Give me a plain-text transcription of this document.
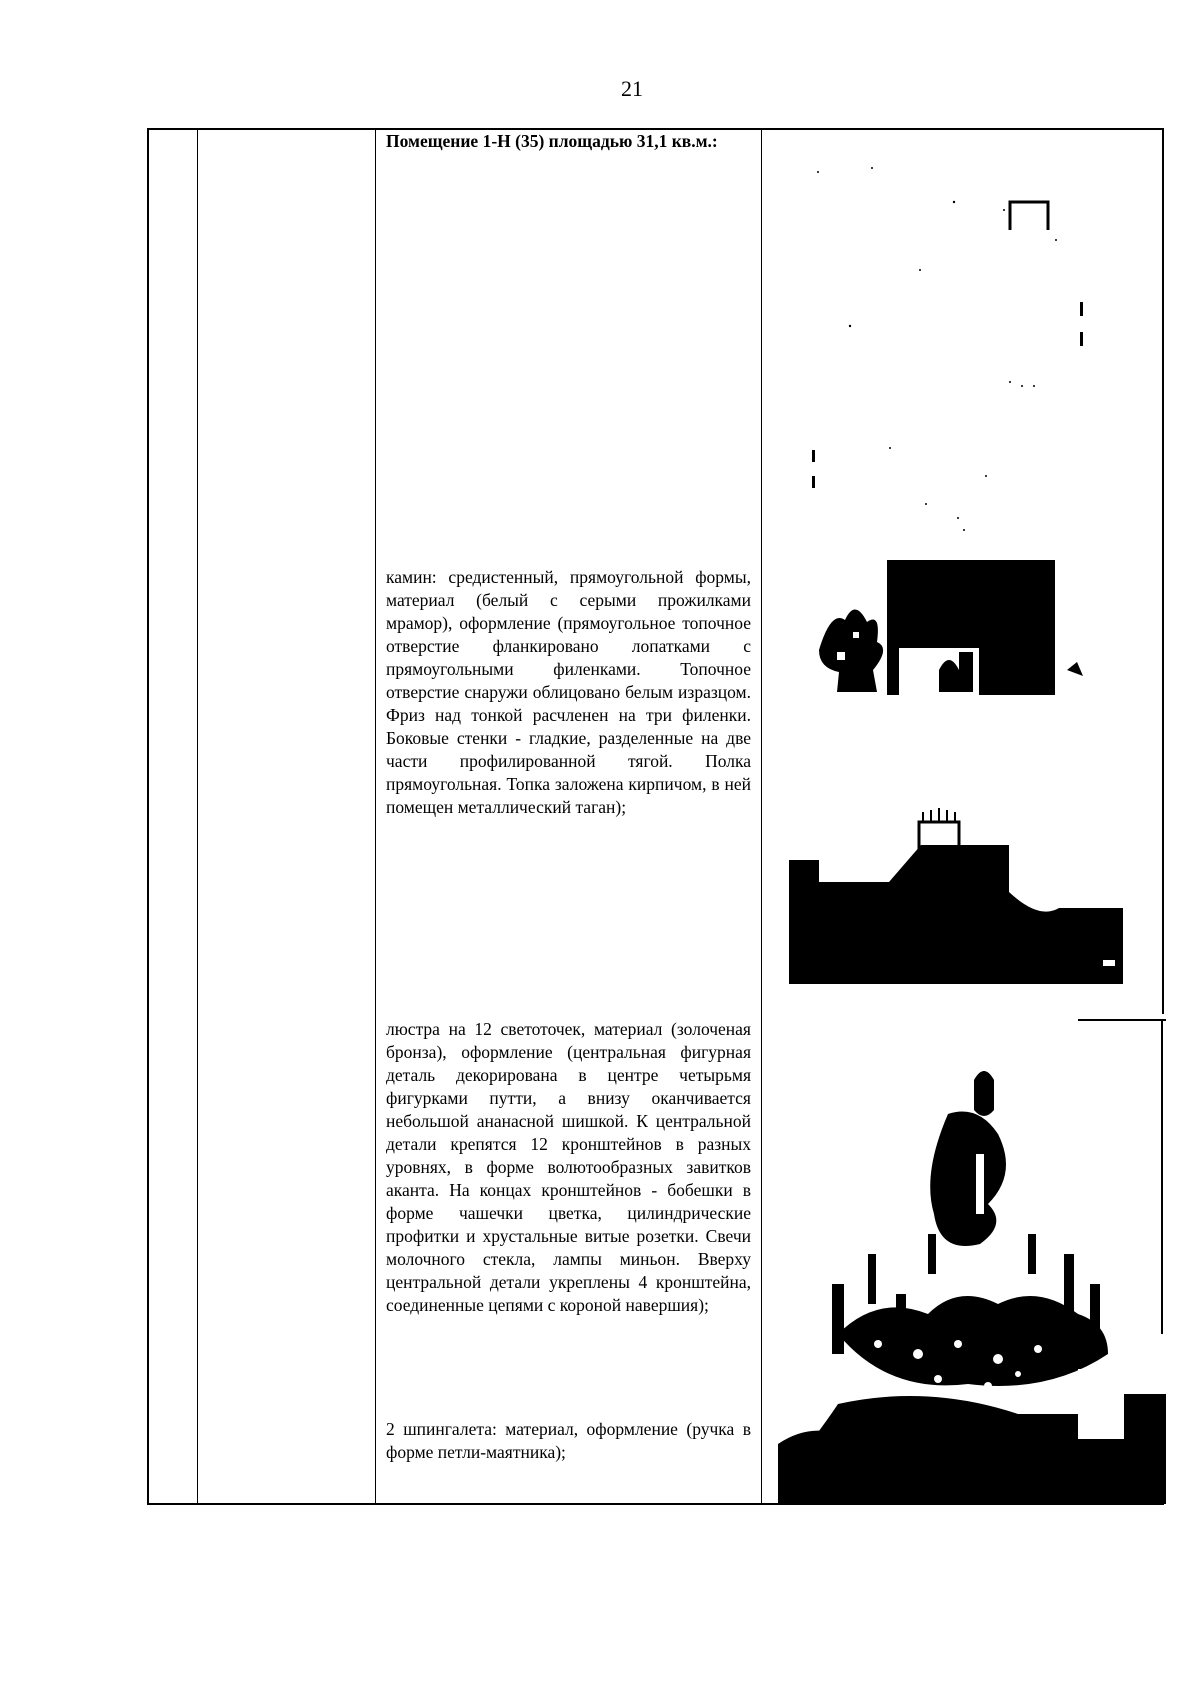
21
Помещение 1-Н (35) площадью 31,1 кв.м.:
камин: средистенный, прямоугольной формы, материал (белый с серыми прожилками мрамор), оформление (прямоугольное топочное отверстие фланкировано лопатками с прямоугольными филенками. Топочное отверстие снаружи облицовано белым изразцом. Фриз над тонкой расчленен на три филенки. Боковые стенки - гладкие, разделенные на две части профилированной тягой. Полка прямоугольная. Топка заложена кирпичом, в ней помещен металлический таган);
люстра на 12 светоточек, материал (золоченая бронза), оформление (центральная фигурная деталь декорирована в центре четырьмя фигурками путти, а внизу оканчивается небольшой ананасной шишкой. К центральной детали крепятся 12 кронштейнов в разных уровнях, в форме волютообразных завитков аканта. На концах кронштейнов - бобешки в форме чашечки цветка, цилиндрические профитки и хрустальные витые розетки. Свечи молочного стекла, лампы миньон. Вверху центральной детали укреплены 4 кронштейна, соединенные цепями с короной навершия);
2 шпингалета: материал, оформление (ручка в форме петли-маятника);
